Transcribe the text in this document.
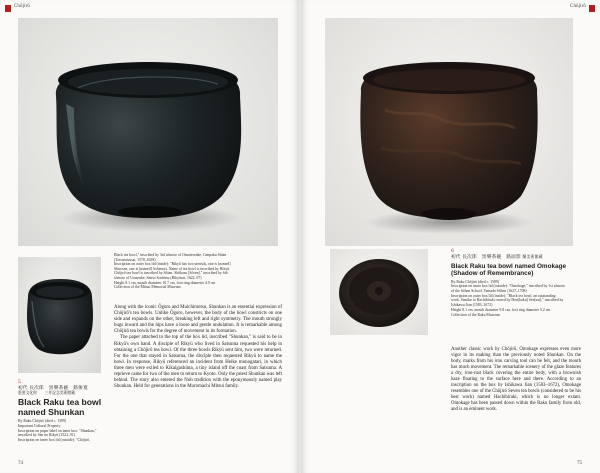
Chōjirō

5

初代 長次郎　黒樂茶碗　銘俊寛

重要文化財　　三井記念美術館蔵

Black Raku tea bowl
named Shunkan

By Raku Chōjirō (died c. 1589)

Important Cultural Property

Inscription on paper label on inner box: "Shunkan,"

inscribed by Sen no Rikyū (1522–91)

Inscription on inner box lid (outside): "Chōjirō,

Black tea bowl," inscribed by 3rd sōmoto of Omotesenke, Genpaku Sōtan

(Totsutotsusai, 1578–1658)

Inscription on outer box lid (inside): "Rikyū has two utensils, one is [named]

Shirosen, one is [named] Ashimori. Name of tea bowl is inscribed by Rikyū.

Chōjirō tea bowl is inscribed by Sōtan. Shūkusu [Sōsen]," inscribed by 6th

sōmoto of Urasenke, Senso Soshitsu (Rikyūsai, 1622–97)

Height 8.1 cm, mouth diameter 10.7 cm, foot ring diameter 4.9 cm

Collection of the Mitsui Memorial Museum

Along with the iconic Ōguro and Muichimotsu, Shunkan is an essential expression of Chōjirō's tea bowls. Unlike Ōguro, however, the body of the bowl constricts on one side and expands on the other, breaking left and right symmetry. The mouth strongly bugs inward and the hips have a loose and gentle undulation. It is remarkable among Chōjirō tea bowls for the degree of movement in its formation.

The paper attached to the top of the box lid, inscribed "Shunkan," is said to be in Rikyū's own hand. A disciple of Rikyū who lived in Satsuma requested his help in obtaining a Chōjirō tea bowl. Of the three bowls Rikyū sent him, two were returned. For the one that stayed in Satsuma, the disciple then requested Rikyū to name the bowl. In response, Rikyū referenced an incident from Heike monogatari, in which three men were exiled to Kikaigashima, a tiny island off the coast from Satsuma. A reprieve came for two of the men to return to Kyoto. Only the priest Shunkan was left behind. The story also entered the Noh tradition with the eponymously named play Shunkan. Held for generations in the Muromachi Mitsui family.

74
Chōjirō

6

初代 長次郎　黒樂茶碗　銘面影 樂美術館蔵

Black Raku tea bowl named Omokage
(Shadow of Remembrance)

By Raku Chōjirō (died c. 1589)

Inscription on inner box lid (outside): "Omokage," inscribed by 1st sōmoto

of the Söhen School, Yamada Sōhen (1627–1708)

Inscription on outer box lid (inside): "Black tea bowl, an outstanding

work. Similar to Hachibiraki owned by Hon[kaku] Sen[sai]," inscribed by

Ishikawa Jian (1583–1672)

Height 8.1 cm, mouth diameter 9.8 cm, foot ring diameter 5.2 cm

Collection of the Raku Museum

Another classic work by Chōjirō, Omokage expresses even more vigor in its making than the previously noted Shunkan. On the body, marks from his iron carving tool can be felt, and the mouth has much movement. The remarkable scenery of the glaze features a dry, iron-rust black covering the entire body, with a brownish haze floating to the surface here and there. According to an inscription on the box by Ishikawa Jian (1583–1672), Omokage resembles one of the Chōjirō Seven tea bowls (considered to be his best work) named Hachibiraki, which is no longer extant. Omokage has been passed down within the Raku family from old, and is an eminent work.

75
